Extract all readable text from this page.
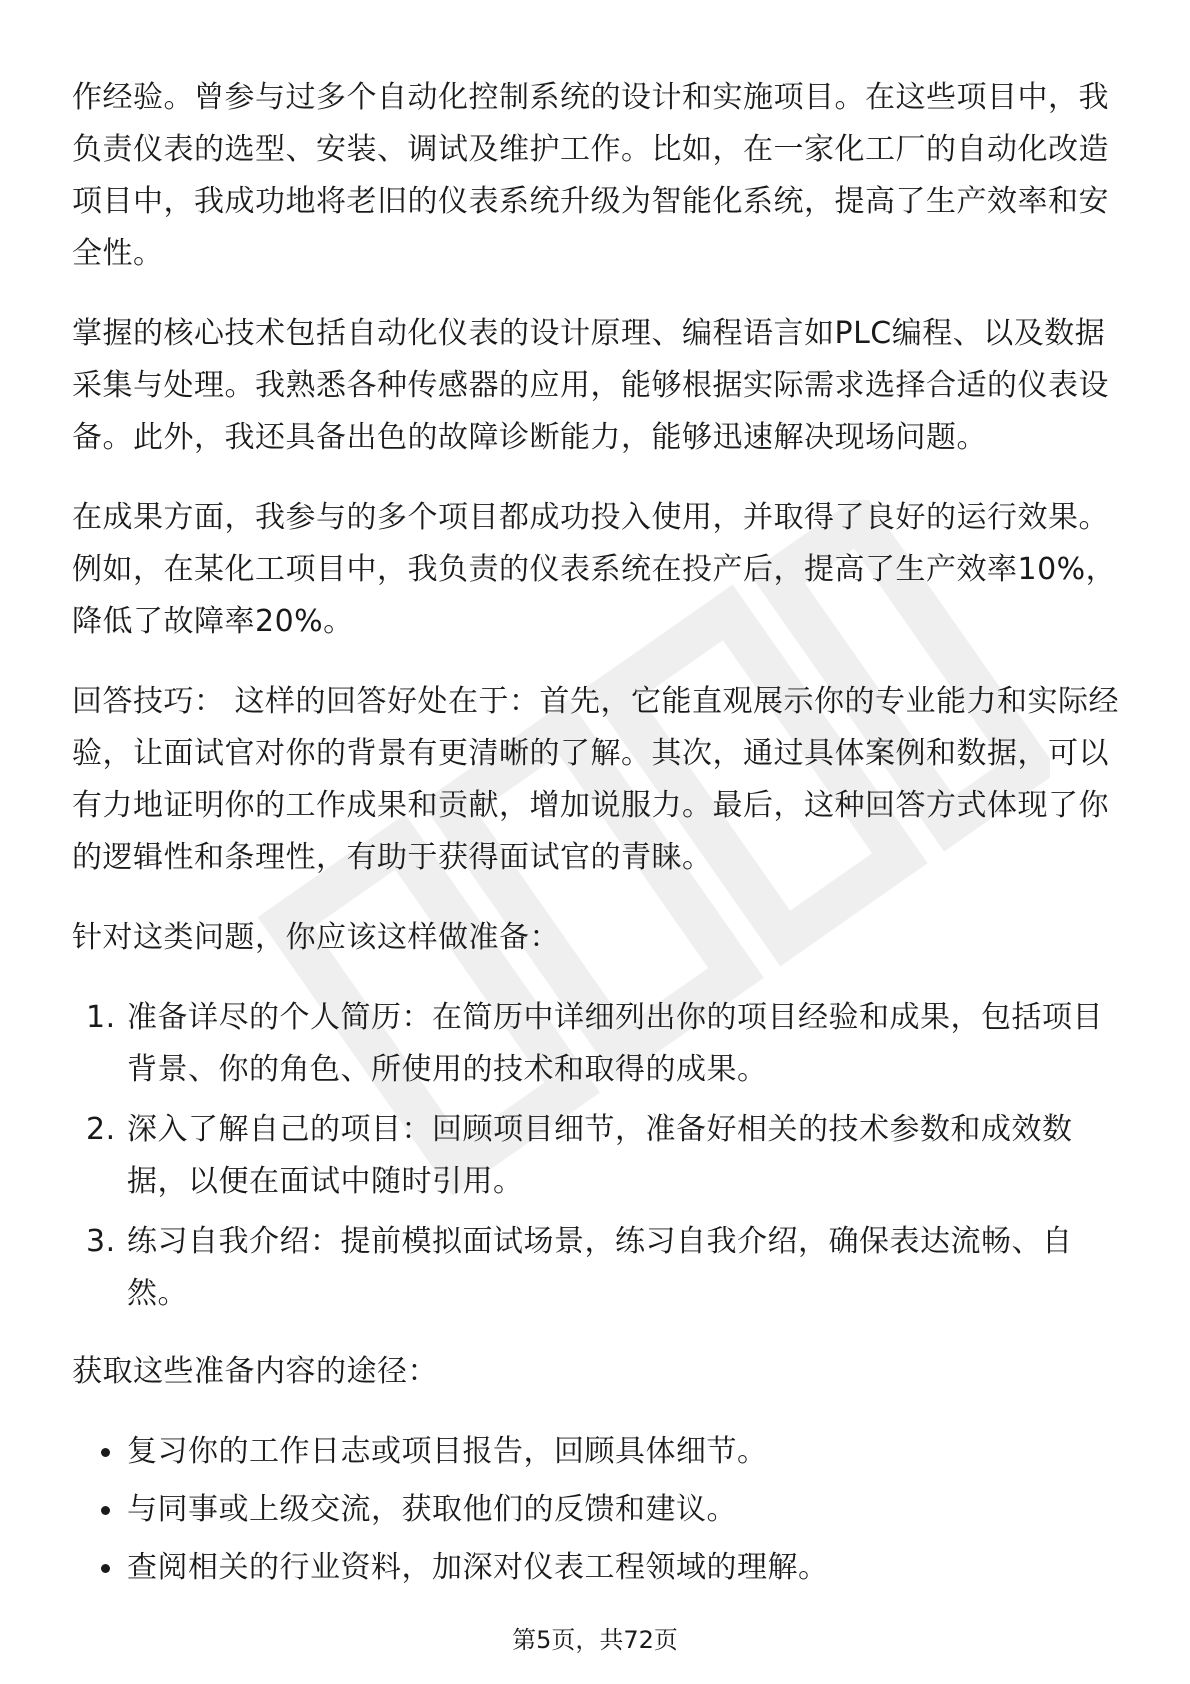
作经验。曾参与过多个自动化控制系统的设计和实施项目。在这些项目中，我负责仪表的选型、安装、调试及维护工作。比如，在一家化工厂的自动化改造项目中，我成功地将老旧的仪表系统升级为智能化系统，提高了生产效率和安全性。

掌握的核心技术包括自动化仪表的设计原理、编程语言如PLC编程、以及数据采集与处理。我熟悉各种传感器的应用，能够根据实际需求选择合适的仪表设备。此外，我还具备出色的故障诊断能力，能够迅速解决现场问题。

在成果方面，我参与的多个项目都成功投入使用，并取得了良好的运行效果。例如，在某化工项目中，我负责的仪表系统在投产后，提高了生产效率10%，降低了故障率20%。

回答技巧： 这样的回答好处在于：首先，它能直观展示你的专业能力和实际经验，让面试官对你的背景有更清晰的了解。其次，通过具体案例和数据，可以有力地证明你的工作成果和贡献，增加说服力。最后，这种回答方式体现了你的逻辑性和条理性，有助于获得面试官的青睐。

针对这类问题，你应该这样做准备：

1. 准备详尽的个人简历：在简历中详细列出你的项目经验和成果，包括项目背景、你的角色、所使用的技术和取得的成果。
2. 深入了解自己的项目：回顾项目细节，准备好相关的技术参数和成效数据，以便在面试中随时引用。
3. 练习自我介绍：提前模拟面试场景，练习自我介绍，确保表达流畅、自然。

获取这些准备内容的途径：

复习你的工作日志或项目报告，回顾具体细节。
与同事或上级交流，获取他们的反馈和建议。
查阅相关的行业资料，加深对仪表工程领域的理解。
第5页，共72页
